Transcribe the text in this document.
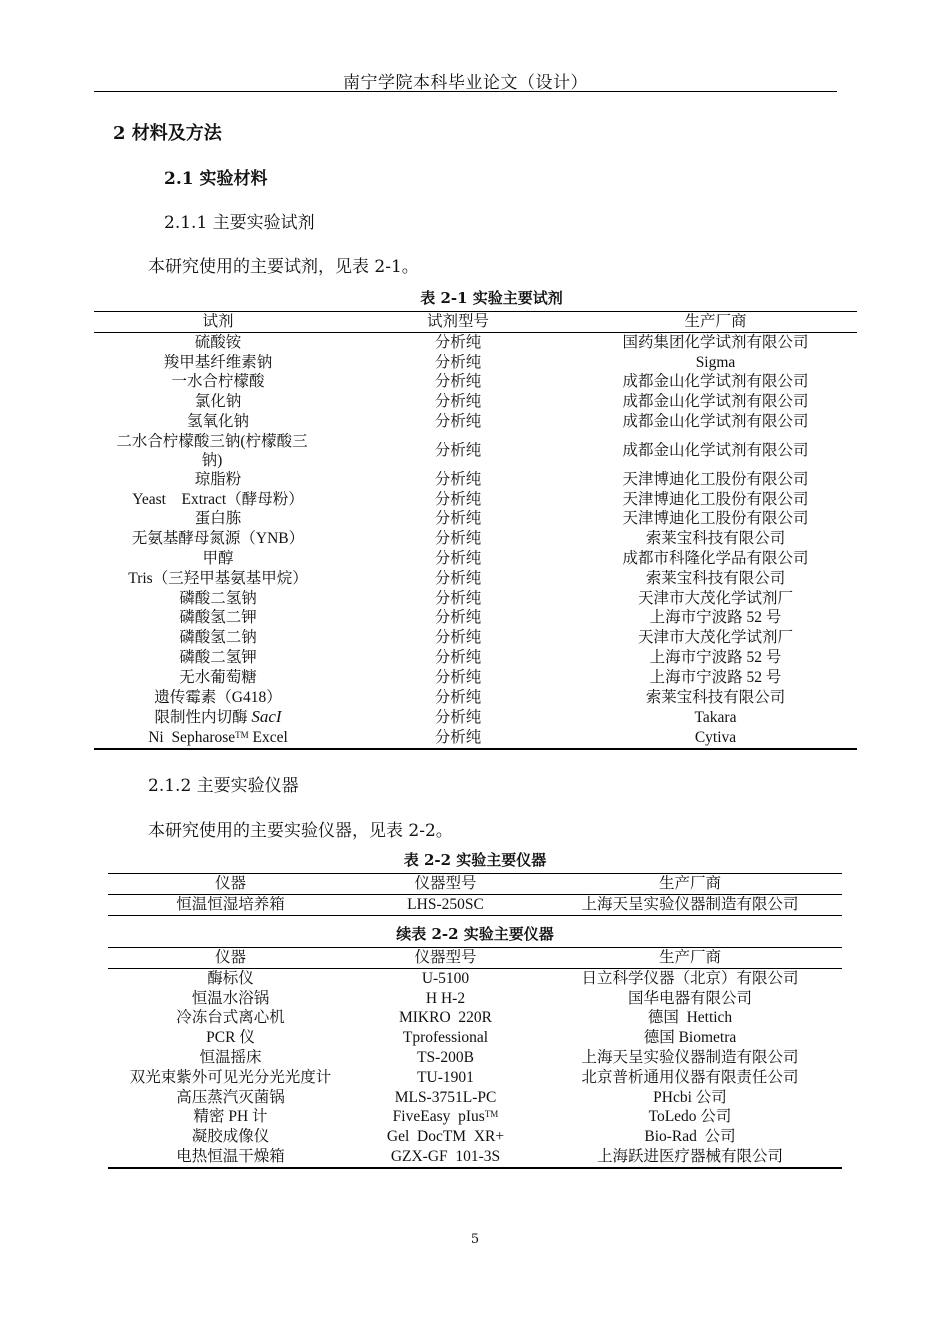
南宁学院本科毕业论文（设计）
2 材料及方法
2.1 实验材料
2.1.1 主要实验试剂
本研究使用的主要试剂，见表 2-1。
表 2-1 实验主要试剂
试剂	试剂型号	生产厂商
硫酸铵	分析纯	国药集团化学试剂有限公司
羧甲基纤维素钠	分析纯	Sigma
一水合柠檬酸	分析纯	成都金山化学试剂有限公司
氯化钠	分析纯	成都金山化学试剂有限公司
氢氧化钠	分析纯	成都金山化学试剂有限公司
二水合柠檬酸三钠(柠檬酸三钠)	分析纯	成都金山化学试剂有限公司
琼脂粉	分析纯	天津博迪化工股份有限公司
Yeast    Extract（酵母粉）	分析纯	天津博迪化工股份有限公司
蛋白胨	分析纯	天津博迪化工股份有限公司
无氨基酵母氮源（YNB）	分析纯	索莱宝科技有限公司
甲醇	分析纯	成都市科隆化学品有限公司
Tris（三羟甲基氨基甲烷）	分析纯	索莱宝科技有限公司
磷酸二氢钠	分析纯	天津市大茂化学试剂厂
磷酸氢二钾	分析纯	上海市宁波路 52 号
磷酸氢二钠	分析纯	天津市大茂化学试剂厂
磷酸二氢钾	分析纯	上海市宁波路 52 号
无水葡萄糖	分析纯	上海市宁波路 52 号
遗传霉素（G418）	分析纯	索莱宝科技有限公司
限制性内切酶 SacI	分析纯	Takara
Ni  Sepharose™ Excel	分析纯	Cytiva
2.1.2 主要实验仪器
本研究使用的主要实验仪器，见表 2-2。
表 2-2 实验主要仪器
仪器	仪器型号	生产厂商
恒温恒湿培养箱	LHS-250SC	上海天呈实验仪器制造有限公司
续表 2-2 实验主要仪器
仪器	仪器型号	生产厂商
酶标仪	U-5100	日立科学仪器（北京）有限公司
恒温水浴锅	H H-2	国华电器有限公司
冷冻台式离心机	MIKRO  220R	德国  Hettich
PCR 仪	Tprofessional	德国 Biometra
恒温摇床	TS-200B	上海天呈实验仪器制造有限公司
双光束紫外可见光分光光度计	TU-1901	北京普析通用仪器有限责任公司
高压蒸汽灭菌锅	MLS-3751L-PC	PHcbi 公司
精密 PH 计	FiveEasy  pIus™	ToLedo 公司
凝胶成像仪	Gel  DocTM  XR+	Bio-Rad  公司
电热恒温干燥箱	GZX-GF  101-3S	上海跃进医疗器械有限公司
5
